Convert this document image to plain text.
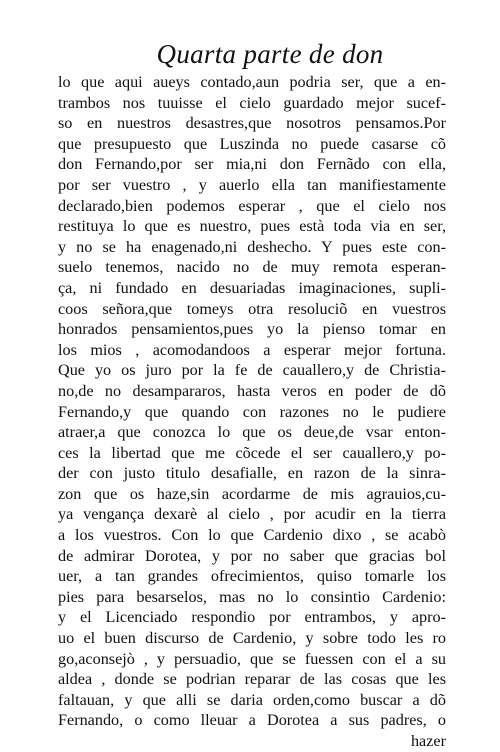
Quarta parte de don
lo que aqui aueys contado,aun podria ser, que a en-
trambos nos tuuisse el cielo guardado mejor sucef-
so en nuestros desastres,que nosotros pensamos.Por
que presupuesto que Luszinda no puede casarse cõ
don Fernando,por ser mia,ni don Fernãdo con ella,
por ser vuestro , y auerlo ella tan manifiestamente
declarado,bien podemos esperar , que el cielo nos
restituya lo que es nuestro, pues està toda via en ser,
y no se ha enagenado,ni deshecho. Y pues este con-
suelo tenemos, nacido no de muy remota esperan-
ça, ni fundado en desuariadas imaginaciones, supli-
coos señora,que tomeys otra resoluciõ en vuestros
honrados pensamientos,pues yo la pienso tomar en
los mios , acomodandoos a esperar mejor fortuna.
Que yo os juro por la fe de cauallero,y de Christia-
no,de no desampararos, hasta veros en poder de dõ
Fernando,y que quando con razones no le pudiere
atraer,a que conozca lo que os deue,de vsar enton-
ces la libertad que me cõcede el ser cauallero,y po-
der con justo titulo desafialle, en razon de la sinra-
zon que os haze,sin acordarme de mis agrauios,cu-
ya vengança dexarè al cielo , por acudir en la tierra
a los vuestros. Con lo que Cardenio dixo , se acabò
de admirar Dorotea, y por no saber que gracias bol
uer, a tan grandes ofrecimientos, quiso tomarle los
pies para besarselos, mas no lo consintio Cardenio:
y el Licenciado respondio por entrambos, y apro-
uo el buen discurso de Cardenio, y sobre todo les ro
go,aconsejò , y persuadio, que se fuessen con el a su
aldea , donde se podrian reparar de las cosas que les
faltauan, y que alli se daria orden,como buscar a dõ
Fernando, o como lleuar a Dorotea a sus padres, o
hazer
